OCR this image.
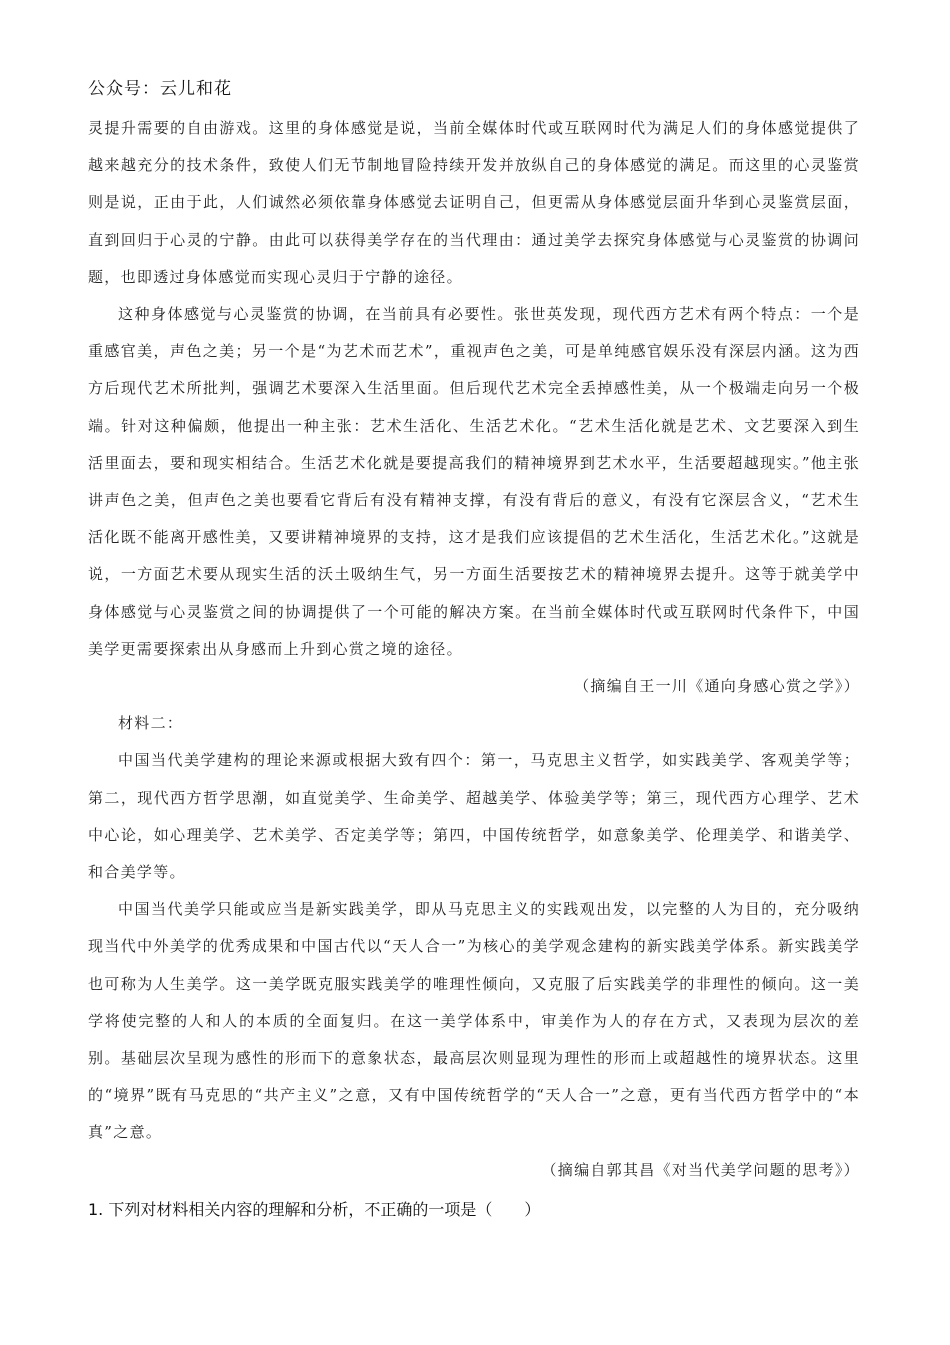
公众号：云儿和花

灵提升需要的自由游戏。这里的身体感觉是说，当前全媒体时代或互联网时代为满足人们的身体感觉提供了越来越充分的技术条件，致使人们无节制地冒险持续开发并放纵自己的身体感觉的满足。而这里的心灵鉴赏则是说，正由于此，人们诚然必须依靠身体感觉去证明自己，但更需从身体感觉层面升华到心灵鉴赏层面，直到回归于心灵的宁静。由此可以获得美学存在的当代理由：通过美学去探究身体感觉与心灵鉴赏的协调问题，也即透过身体感觉而实现心灵归于宁静的途径。

这种身体感觉与心灵鉴赏的协调，在当前具有必要性。张世英发现，现代西方艺术有两个特点：一个是重感官美，声色之美；另一个是“为艺术而艺术”，重视声色之美，可是单纯感官娱乐没有深层内涵。这为西方后现代艺术所批判，强调艺术要深入生活里面。但后现代艺术完全丢掉感性美，从一个极端走向另一个极端。针对这种偏颇，他提出一种主张：艺术生活化、生活艺术化。“艺术生活化就是艺术、文艺要深入到生活里面去，要和现实相结合。生活艺术化就是要提高我们的精神境界到艺术水平，生活要超越现实。”他主张讲声色之美，但声色之美也要看它背后有没有精神支撑，有没有背后的意义，有没有它深层含义，“艺术生活化既不能离开感性美，又要讲精神境界的支持，这才是我们应该提倡的艺术生活化，生活艺术化。”这就是说，一方面艺术要从现实生活的沃土吸纳生气，另一方面生活要按艺术的精神境界去提升。这等于就美学中身体感觉与心灵鉴赏之间的协调提供了一个可能的解决方案。在当前全媒体时代或互联网时代条件下，中国美学更需要探索出从身感而上升到心赏之境的途径。

（摘编自王一川《通向身感心赏之学》）

材料二：

中国当代美学建构的理论来源或根据大致有四个：第一，马克思主义哲学，如实践美学、客观美学等；第二，现代西方哲学思潮，如直觉美学、生命美学、超越美学、体验美学等；第三，现代西方心理学、艺术中心论，如心理美学、艺术美学、否定美学等；第四，中国传统哲学，如意象美学、伦理美学、和谐美学、和合美学等。

中国当代美学只能或应当是新实践美学，即从马克思主义的实践观出发，以完整的人为目的，充分吸纳现当代中外美学的优秀成果和中国古代以“天人合一”为核心的美学观念建构的新实践美学体系。新实践美学也可称为人生美学。这一美学既克服实践美学的唯理性倾向，又克服了后实践美学的非理性的倾向。这一美学将使完整的人和人的本质的全面复归。在这一美学体系中，审美作为人的存在方式，又表现为层次的差别。基础层次呈现为感性的形而下的意象状态，最高层次则显现为理性的形而上或超越性的境界状态。这里的“境界”既有马克思的“共产主义”之意，又有中国传统哲学的“天人合一”之意，更有当代西方哲学中的“本真”之意。

（摘编自郭其昌《对当代美学问题的思考》）

1. 下列对材料相关内容的理解和分析，不正确的一项是（　　）
